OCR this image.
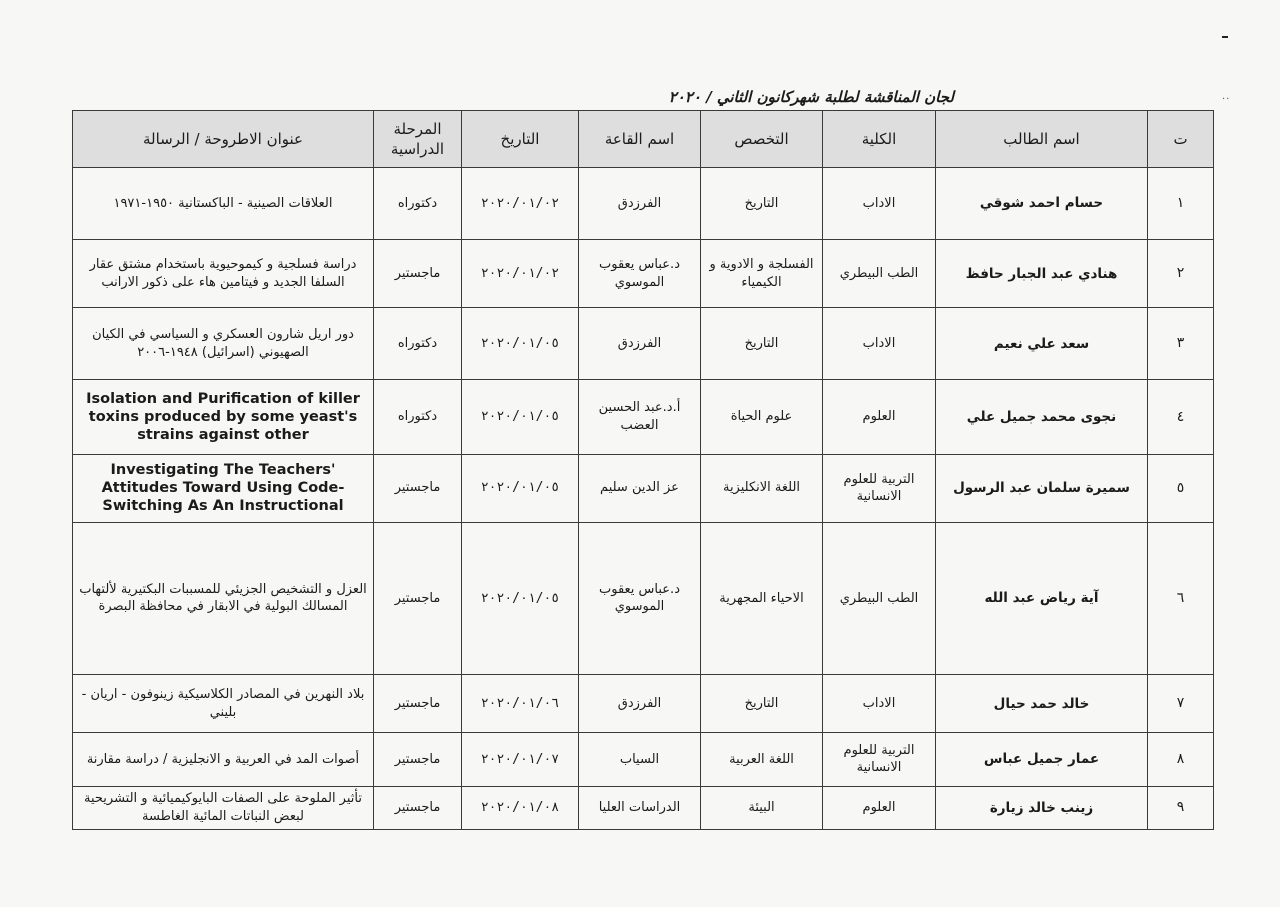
··
لجان المناقشة لطلبة شهركانون الثاني / ٢٠٢٠
ت	اسم الطالب	الكلية	التخصص	اسم القاعة	التاريخ	المرحلة الدراسية	عنوان الاطروحة / الرسالة
١	حسام احمد شوقي	الاداب	التاريخ	الفرزدق	٢٠٢٠/٠١/٠٢	دكتوراه	العلاقات الصينية - الباكستانية ١٩٥٠-١٩٧١
٢	هنادي عبد الجبار حافظ	الطب البيطري	الفسلجة و الادوية و الكيمياء	د.عباس يعقوب الموسوي	٢٠٢٠/٠١/٠٢	ماجستير	دراسة فسلجية و كيموحيوية باستخدام مشتق عقار السلفا الجديد و فيتامين هاء على ذكور الارانب
٣	سعد علي نعيم	الاداب	التاريخ	الفرزدق	٢٠٢٠/٠١/٠٥	دكتوراه	دور اريل شارون العسكري و السياسي في الكيان الصهيوني (اسرائيل) ١٩٤٨-٢٠٠٦
٤	نجوى محمد جميل علي	العلوم	علوم الحياة	أ.د.عبد الحسين العضب	٢٠٢٠/٠١/٠٥	دكتوراه	Isolation and Purification of killer toxins produced by some yeast's strains against other
٥	سميرة سلمان عبد الرسول	التربية للعلوم الانسانية	اللغة الانكليزية	عز الدين سليم	٢٠٢٠/٠١/٠٥	ماجستير	Investigating The Teachers' Attitudes Toward Using Code-Switching As An Instructional
٦	آية رياض عبد الله	الطب البيطري	الاحياء المجهرية	د.عباس يعقوب الموسوي	٢٠٢٠/٠١/٠٥	ماجستير	العزل و التشخيص الجزيئي للمسببات البكتيرية لألتهاب المسالك البولية في الابقار في محافظة البصرة
٧	خالد حمد حيال	الاداب	التاريخ	الفرزدق	٢٠٢٠/٠١/٠٦	ماجستير	بلاد النهرين في المصادر الكلاسيكية زينوفون - اريان - بليني
٨	عمار جميل عباس	التربية للعلوم الانسانية	اللغة العربية	السياب	٢٠٢٠/٠١/٠٧	ماجستير	أصوات المد في العربية و الانجليزية / دراسة مقارنة
٩	زينب خالد زيارة	العلوم	البيئة	الدراسات العليا	٢٠٢٠/٠١/٠٨	ماجستير	تأثير الملوحة على الصفات البايوكيميائية و التشريحية لبعض النباتات المائية الغاطسة
